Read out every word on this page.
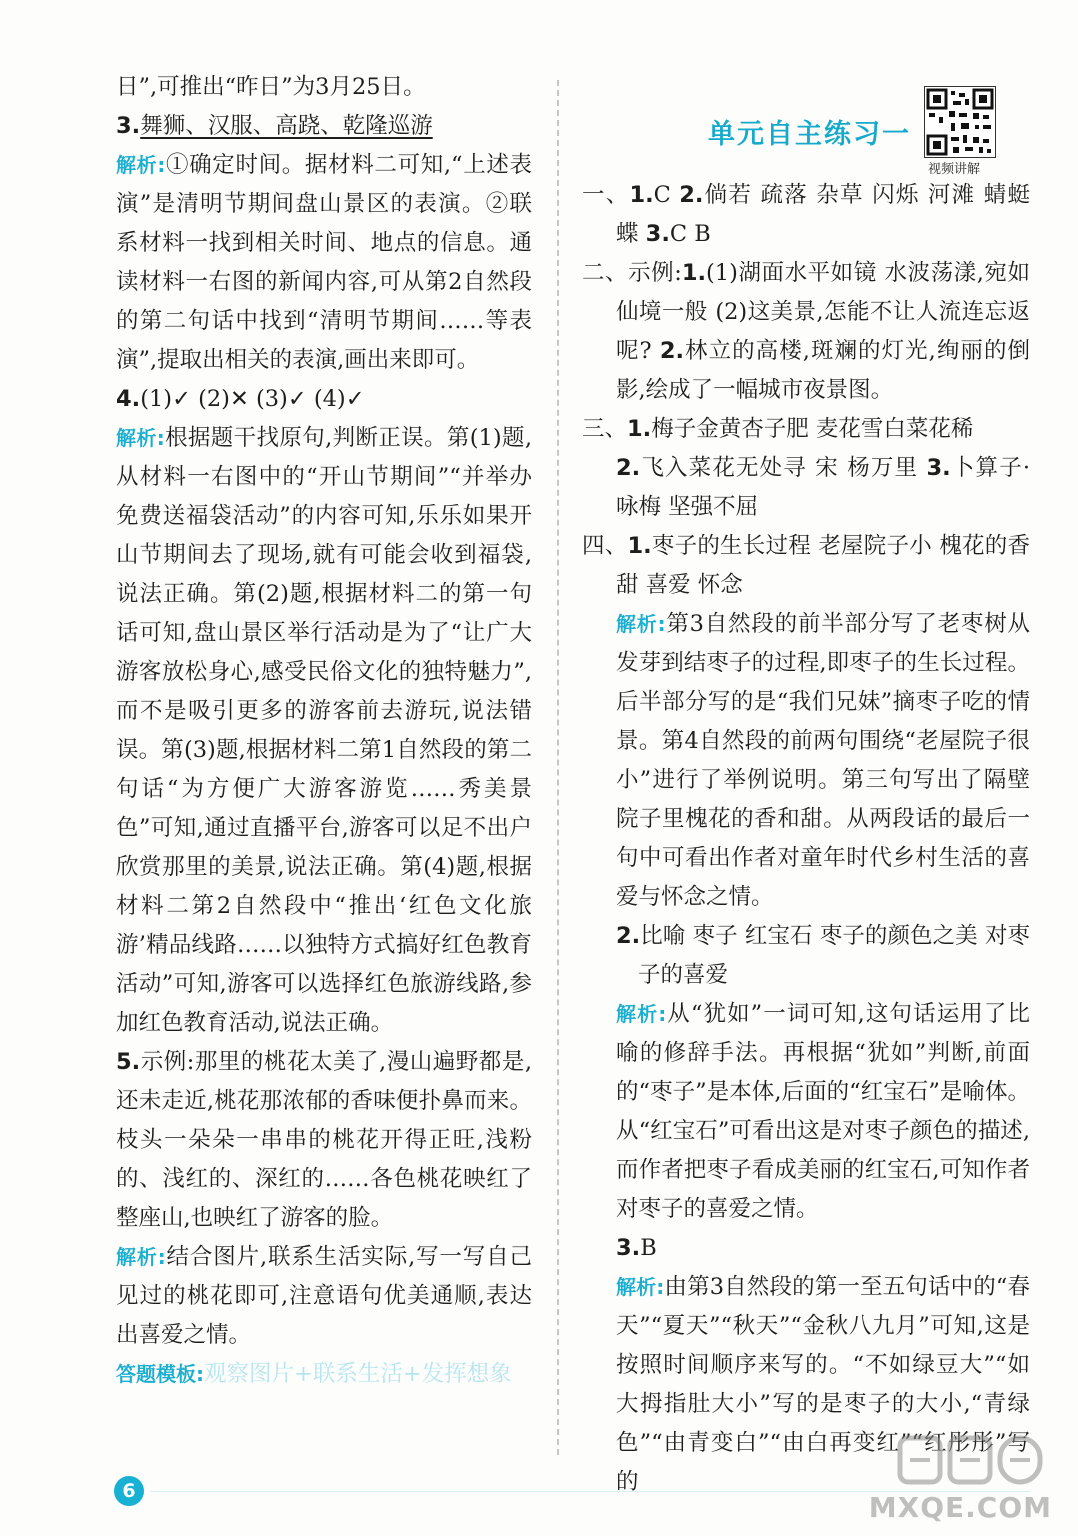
日”,可推出“昨日”为3月25日。

3.舞狮、汉服、高跷、乾隆巡游

解析:①确定时间。据材料二可知,“上述表演”是清明节期间盘山景区的表演。②联系材料一找到相关时间、地点的信息。通读材料一右图的新闻内容,可从第2自然段的第二句话中找到“清明节期间……等表演”,提取出相关的表演,画出来即可。

4.(1)✓ (2)✕ (3)✓ (4)✓

解析:根据题干找原句,判断正误。第(1)题,从材料一右图中的“开山节期间”“并举办免费送福袋活动”的内容可知,乐乐如果开山节期间去了现场,就有可能会收到福袋,说法正确。第(2)题,根据材料二的第一句话可知,盘山景区举行活动是为了“让广大游客放松身心,感受民俗文化的独特魅力”,而不是吸引更多的游客前去游玩,说法错误。第(3)题,根据材料二第1自然段的第二句话“为方便广大游客游览……秀美景色”可知,通过直播平台,游客可以足不出户欣赏那里的美景,说法正确。第(4)题,根据材料二第2自然段中“推出‘红色文化旅游’精品线路……以独特方式搞好红色教育活动”可知,游客可以选择红色旅游线路,参加红色教育活动,说法正确。

5.示例:那里的桃花太美了,漫山遍野都是,还未走近,桃花那浓郁的香味便扑鼻而来。枝头一朵朵一串串的桃花开得正旺,浅粉的、浅红的、深红的……各色桃花映红了整座山,也映红了游客的脸。

解析:结合图片,联系生活实际,写一写自己见过的桃花即可,注意语句优美通顺,表达出喜爱之情。

答题模板:观察图片+联系生活+发挥想象

单元自主练习一
视频讲解

一、1.C 2.倘若 疏落 杂草 闪烁 河滩 蜻蜓 蝶 3.C B

二、示例:1.(1)湖面水平如镜 水波荡漾,宛如仙境一般 (2)这美景,怎能不让人流连忘返呢? 2.林立的高楼,斑斓的灯光,绚丽的倒影,绘成了一幅城市夜景图。

三、1.梅子金黄杏子肥 麦花雪白菜花稀
2.飞入菜花无处寻 宋 杨万里 3.卜算子·咏梅 坚强不屈

四、1.枣子的生长过程 老屋院子小 槐花的香甜 喜爱 怀念

解析:第3自然段的前半部分写了老枣树从发芽到结枣子的过程,即枣子的生长过程。后半部分写的是“我们兄妹”摘枣子吃的情景。第4自然段的前两句围绕“老屋院子很小”进行了举例说明。第三句写出了隔壁院子里槐花的香和甜。从两段话的最后一句中可看出作者对童年时代乡村生活的喜爱与怀念之情。

2.比喻 枣子 红宝石 枣子的颜色之美 对枣子的喜爱

解析:从“犹如”一词可知,这句话运用了比喻的修辞手法。再根据“犹如”判断,前面的“枣子”是本体,后面的“红宝石”是喻体。从“红宝石”可看出这是对枣子颜色的描述,而作者把枣子看成美丽的红宝石,可知作者对枣子的喜爱之情。

3.B

解析:由第3自然段的第一至五句话中的“春天”“夏天”“秋天”“金秋八九月”可知,这是按照时间顺序来写的。“不如绿豆大”“如大拇指肚大小”写的是枣子的大小,“青绿色”“由青变白”“由白再变红”“红彤彤”写的

6	MXQE.COM
